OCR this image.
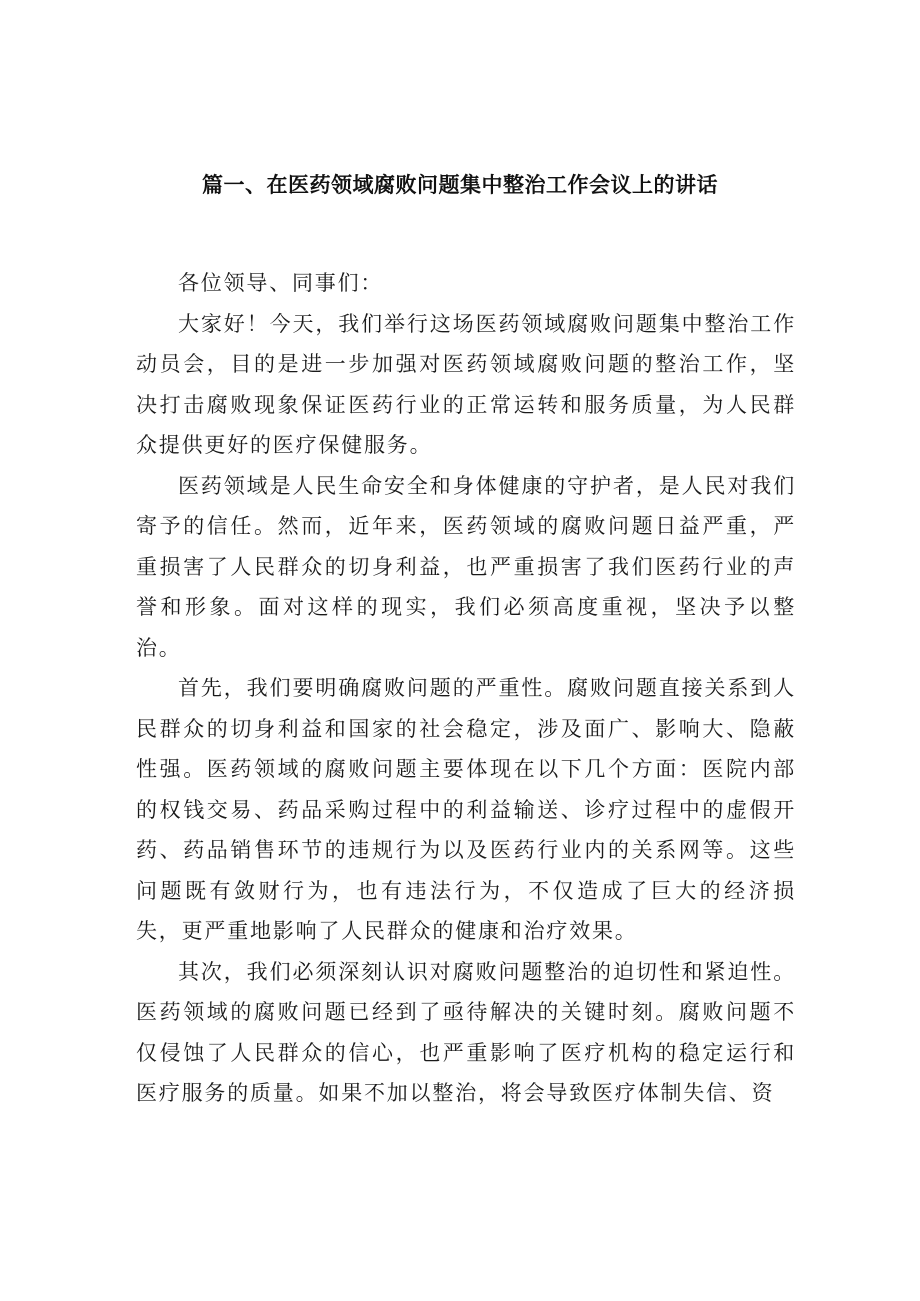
篇一、在医药领域腐败问题集中整治工作会议上的讲话

各位领导、同事们：

大家好！今天，我们举行这场医药领域腐败问题集中整治工作动员会，目的是进一步加强对医药领域腐败问题的整治工作，坚决打击腐败现象保证医药行业的正常运转和服务质量，为人民群众提供更好的医疗保健服务。

医药领域是人民生命安全和身体健康的守护者，是人民对我们寄予的信任。然而，近年来，医药领域的腐败问题日益严重，严重损害了人民群众的切身利益，也严重损害了我们医药行业的声誉和形象。面对这样的现实，我们必须高度重视，坚决予以整治。

首先，我们要明确腐败问题的严重性。腐败问题直接关系到人民群众的切身利益和国家的社会稳定，涉及面广、影响大、隐蔽性强。医药领域的腐败问题主要体现在以下几个方面：医院内部的权钱交易、药品采购过程中的利益输送、诊疗过程中的虚假开药、药品销售环节的违规行为以及医药行业内的关系网等。这些问题既有敛财行为，也有违法行为，不仅造成了巨大的经济损失，更严重地影响了人民群众的健康和治疗效果。

其次，我们必须深刻认识对腐败问题整治的迫切性和紧迫性。医药领域的腐败问题已经到了亟待解决的关键时刻。腐败问题不仅侵蚀了人民群众的信心，也严重影响了医疗机构的稳定运行和医疗服务的质量。如果不加以整治，将会导致医疗体制失信、资
